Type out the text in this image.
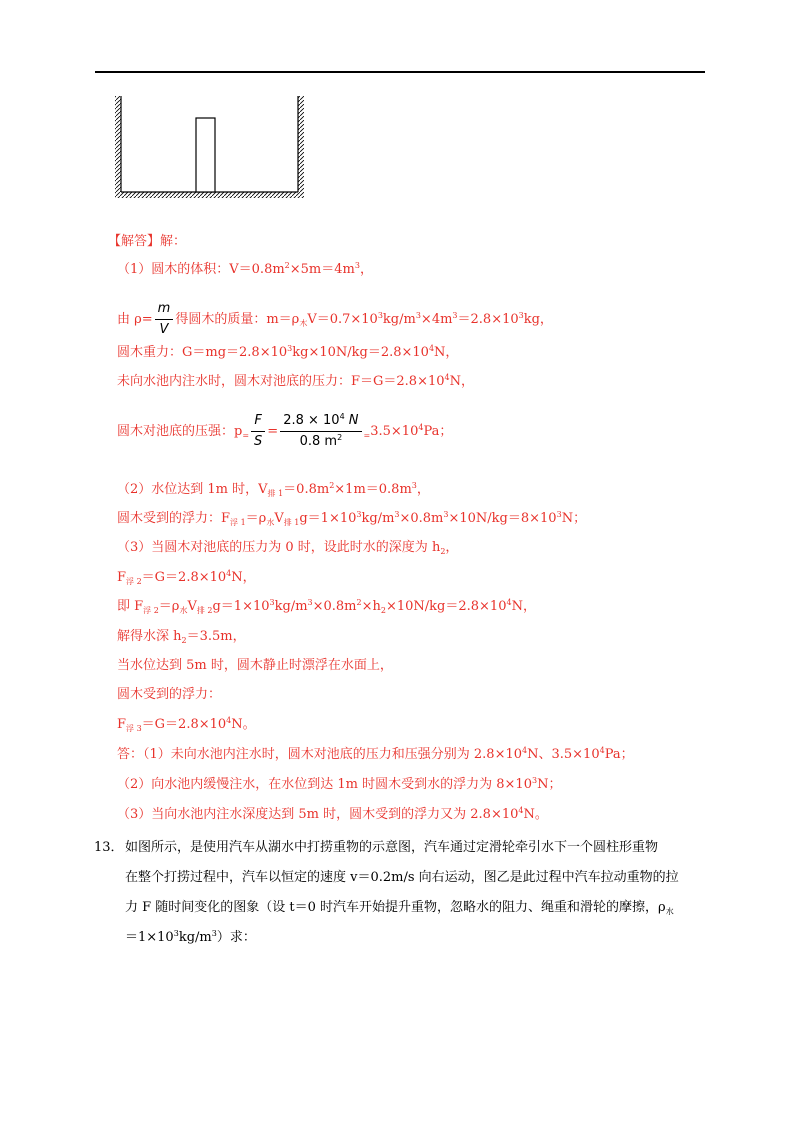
【解答】解：
（1）圆木的体积：$V=0.8m^2\times 5m=4m^3$，
由 $\rho= \frac{m}{V}$ 得圆木的质量：$m=\rho_木V=0.7\times 10^3kg/m^3\times 4m^3=2.8\times 10^3kg$，
圆木重力：$G=mg=2.8\times 10^3kg\times 10N/kg=2.8\times 10^4N$，
未向水池内注水时，圆木对池底的压力：$F=G=2.8\times 10^4N$，
圆木对池底的压强：$p_= \frac{F}{S} = \frac{2.8 \times 10^4 N}{0.8 m^2} _=3.5\times 10^4Pa$；
（2）水位达到 1m 时，$V_{排 1}=0.8m^2\times 1m=0.8m^3$，
圆木受到的浮力：$F_{浮 1}=\rho_水V_{排 1}g=1\times 10^3kg/m^3\times 0.8m^3\times 10N/kg=8\times 10^3N$；
（3）当圆木对池底的压力为 0 时，设此时水的深度为 $h_2$，
$F_{浮 2}=G=2.8\times 10^4N$，
即 $F_{浮 2}=\rho_水V_{排 2}g=1\times 10^3kg/m^3\times 0.8m^2\times h_2\times 10N/kg=2.8\times 10^4N$，
解得水深 $h_2=3.5m$，
当水位达到 5m 时，圆木静止时漂浮在水面上，
圆木受到的浮力：
$F_{浮 3}=G=2.8\times 10^4N$。
答：（1）未向水池内注水时，圆木对池底的压力和压强分别为 $2.8\times 10^4N$、$3.5\times 10^4Pa$；
（2）向水池内缓慢注水，在水位到达 1m 时圆木受到水的浮力为 $8\times 10^3N$；
（3）当向水池内注水深度达到 5m 时，圆木受到的浮力又为 $2.8\times 10^4N$。
13． 如图所示，是使用汽车从湖水中打捞重物的示意图，汽车通过定滑轮牵引水下一个圆柱形重物
在整个打捞过程中，汽车以恒定的速度 v＝0.2m/s 向右运动，图乙是此过程中汽车拉动重物的拉
力 F 随时间变化的图象（设 t＝0 时汽车开始提升重物，忽略水的阻力、绳重和滑轮的摩擦，$\rho_水$
$=1\times 10^3kg/m^3$）求：
